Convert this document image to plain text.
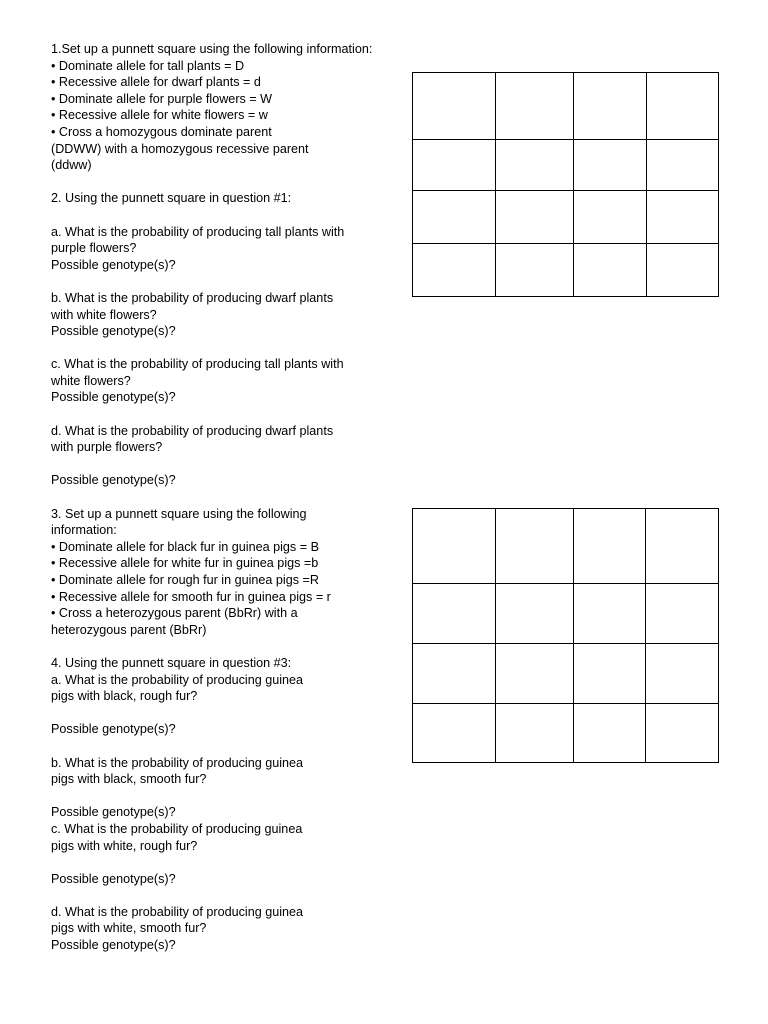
1.Set up a punnett square using the following information:
• Dominate allele for tall plants = D
• Recessive allele for dwarf plants = d
• Dominate allele for purple flowers = W
• Recessive allele for white flowers = w
• Cross a homozygous dominate parent
(DDWW) with a homozygous recessive parent
(ddww)
2. Using the punnett square in question #1:
a. What is the probability of producing tall plants with
purple flowers?
Possible genotype(s)?
b. What is the probability of producing dwarf plants
with white flowers?
Possible genotype(s)?
c. What is the probability of producing tall plants with
white flowers?
Possible genotype(s)?
d. What is the probability of producing dwarf plants
with purple flowers?
Possible genotype(s)?
3. Set up a punnett square using the following
information:
• Dominate allele for black fur in guinea pigs = B
• Recessive allele for white fur in guinea pigs =b
• Dominate allele for rough fur in guinea pigs =R
• Recessive allele for smooth fur in guinea pigs = r
• Cross a heterozygous parent (BbRr) with a
heterozygous parent (BbRr)
4. Using the punnett square in question #3:
a. What is the probability of producing guinea
pigs with black, rough fur?
Possible genotype(s)?
b. What is the probability of producing guinea
pigs with black, smooth fur?
Possible genotype(s)?
c. What is the probability of producing guinea
pigs with white, rough fur?
Possible genotype(s)?
d. What is the probability of producing guinea
pigs with white, smooth fur?
Possible genotype(s)?
